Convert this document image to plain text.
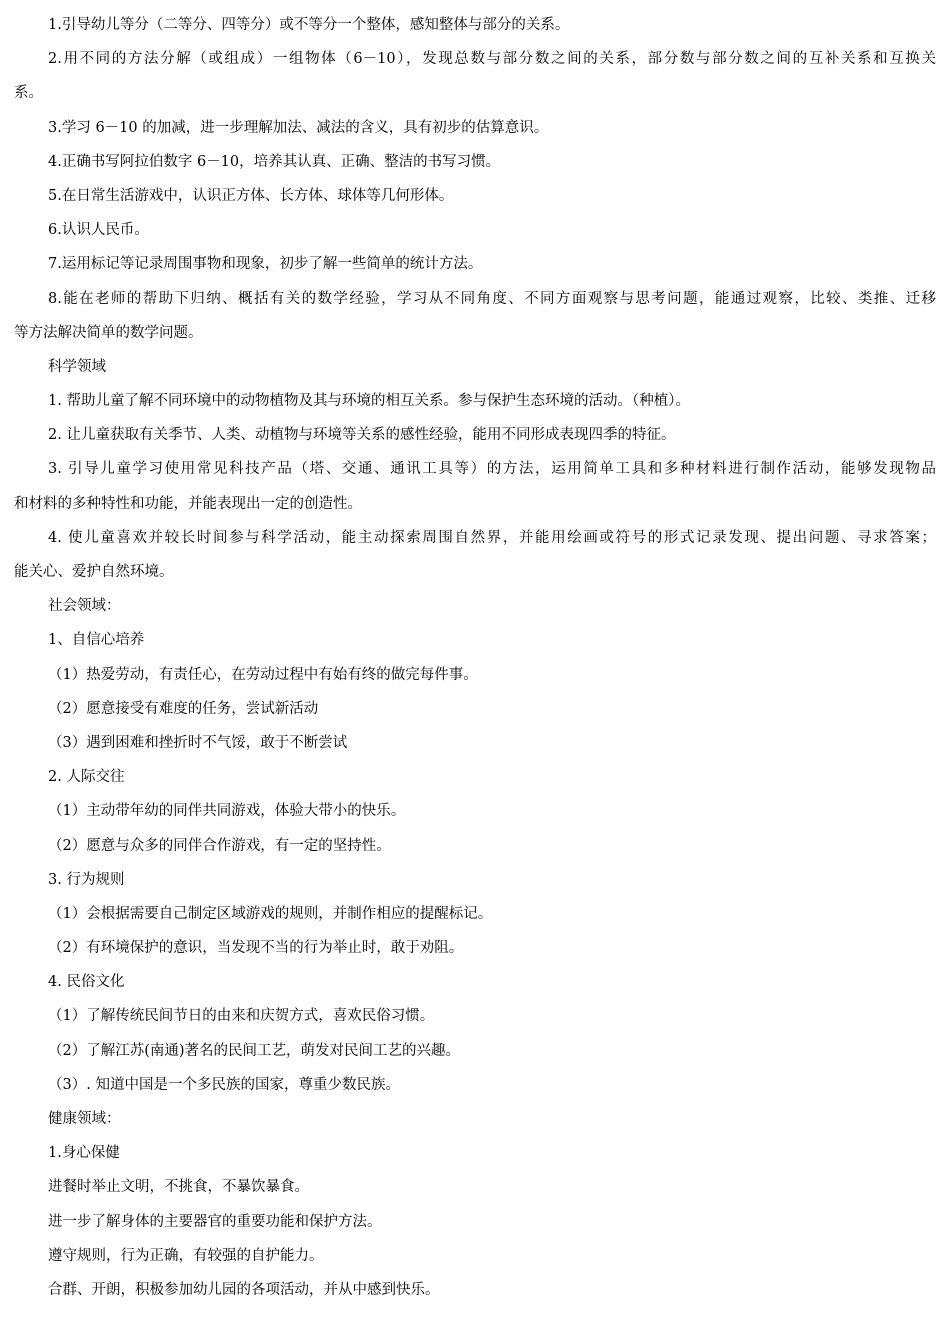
1.引导幼儿等分（二等分、四等分）或不等分一个整体，感知整体与部分的关系。

2.用不同的方法分解（或组成）一组物体（6－10），发现总数与部分数之间的关系，部分数与部分数之间的互补关系和互换关

系。

3.学习 6－10 的加减，进一步理解加法、减法的含义，具有初步的估算意识。

4.正确书写阿拉伯数字 6－10，培养其认真、正确、整洁的书写习惯。

5.在日常生活游戏中，认识正方体、长方体、球体等几何形体。

6.认识人民币。

7.运用标记等记录周围事物和现象，初步了解一些简单的统计方法。

8.能在老师的帮助下归纳、概括有关的数学经验，学习从不同角度、不同方面观察与思考问题，能通过观察，比较、类推、迁移

等方法解决简单的数学问题。

科学领域

1. 帮助儿童了解不同环境中的动物植物及其与环境的相互关系。参与保护生态环境的活动。（种植）。

2. 让儿童获取有关季节、人类、动植物与环境等关系的感性经验，能用不同形成表现四季的特征。

3. 引导儿童学习使用常见科技产品（塔、交通、通讯工具等）的方法，运用简单工具和多种材料进行制作活动，能够发现物品

和材料的多种特性和功能，并能表现出一定的创造性。

4. 使儿童喜欢并较长时间参与科学活动，能主动探索周围自然界，并能用绘画或符号的形式记录发现、提出问题、寻求答案；

能关心、爱护自然环境。

社会领域：

1、自信心培养

（1）热爱劳动，有责任心，在劳动过程中有始有终的做完每件事。

（2）愿意接受有难度的任务，尝试新活动

（3）遇到困难和挫折时不气馁，敢于不断尝试

2. 人际交往

（1）主动带年幼的同伴共同游戏，体验大带小的快乐。

（2）愿意与众多的同伴合作游戏，有一定的坚持性。

3. 行为规则

（1）会根据需要自己制定区域游戏的规则，并制作相应的提醒标记。

（2）有环境保护的意识，当发现不当的行为举止时，敢于劝阻。

4. 民俗文化

（1）了解传统民间节日的由来和庆贺方式，喜欢民俗习惯。

（2）了解江苏(南通)著名的民间工艺，萌发对民间工艺的兴趣。

（3）. 知道中国是一个多民族的国家，尊重少数民族。

健康领域：

1.身心保健

进餐时举止文明，不挑食，不暴饮暴食。

进一步了解身体的主要器官的重要功能和保护方法。

遵守规则，行为正确，有较强的自护能力。

合群、开朗，积极参加幼儿园的各项活动，并从中感到快乐。
